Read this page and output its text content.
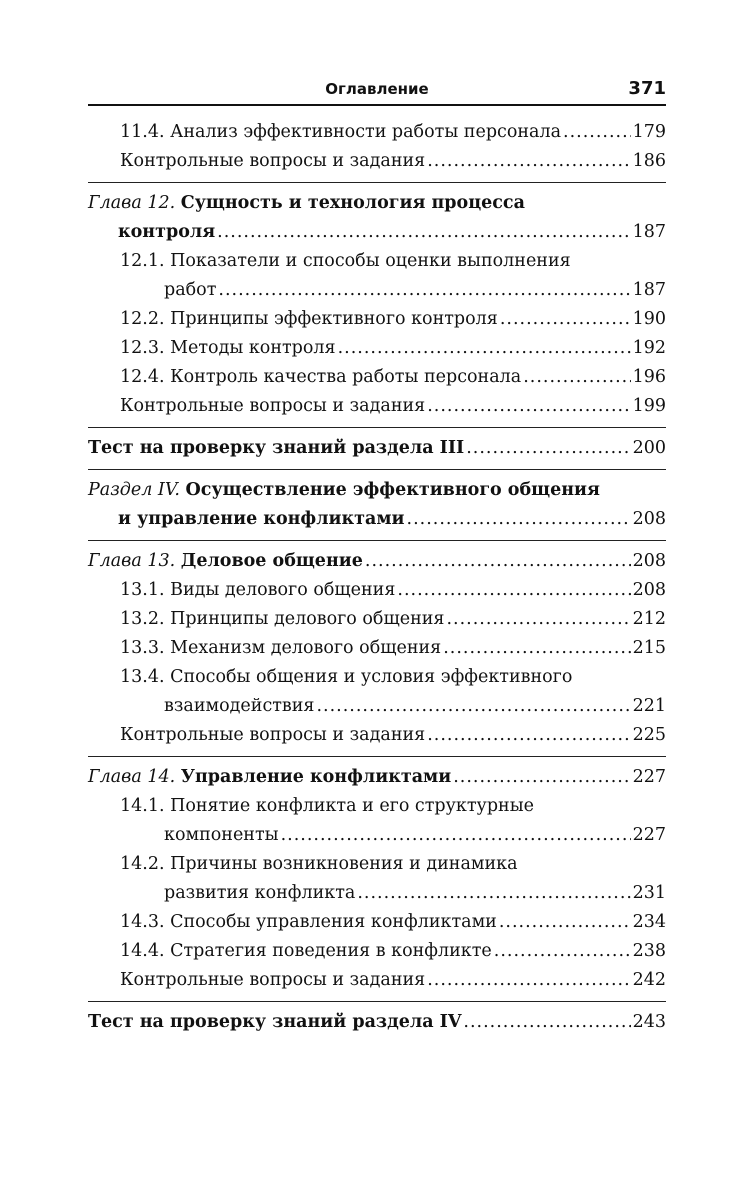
Оглавление	371
11.4. Анализ эффективности работы персонала .....	179
Контрольные вопросы и задания .....	186
Глава 12. Сущность и технология процесса
контроля .....	187
12.1. Показатели и способы оценки выполнения
работ .....	187
12.2. Принципы эффективного контроля .....	190
12.3. Методы контроля .....	192
12.4. Контроль качества работы персонала .....	196
Контрольные вопросы и задания .....	199
Тест на проверку знаний раздела III .....	200
Раздел IV. Осуществление эффективного общения
и управление конфликтами .....	208
Глава 13.
Деловое общение .....	208
13.1. Виды делового общения .....	208
13.2. Принципы делового общения .....	212
13.3. Механизм делового общения .....	215
13.4. Способы общения и условия эффективного
взаимодействия .....	221
Контрольные вопросы и задания .....	225
Глава 14.
Управление конфликтами .....	227
14.1. Понятие конфликта и его структурные
компоненты .....	227
14.2. Причины возникновения и динамика
развития конфликта .....	231
14.3. Способы управления конфликтами .....	234
14.4. Стратегия поведения в конфликте .....	238
Контрольные вопросы и задания .....	242
Тест на проверку знаний раздела IV .....	243
